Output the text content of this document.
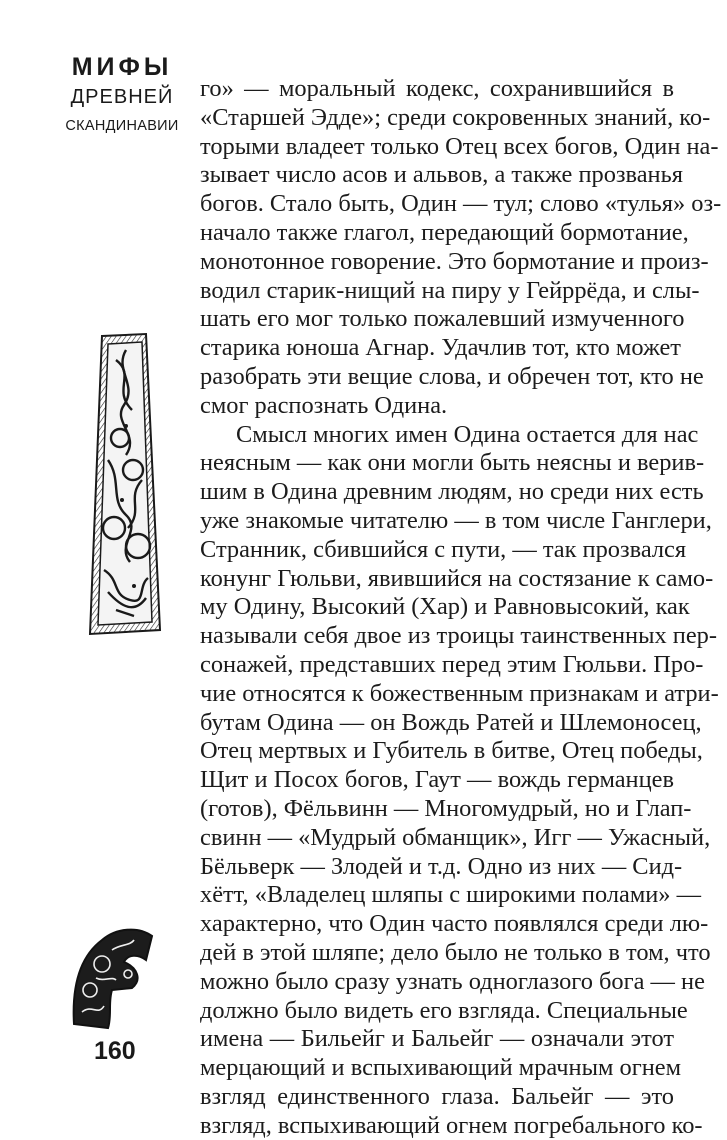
МИФЫ
ДРЕВНЕЙ
СКАНДИНАВИИ
160
го» — моральный кодекс, сохранившийся в
«Старшей Эдде»; среди сокровенных знаний, ко-
торыми владеет только Отец всех богов, Один на-
зывает число асов и альвов, а также прозванья
богов. Стало быть, Один — тул; слово «тулья» оз-
начало также глагол, передающий бормотание,
монотонное говорение. Это бормотание и произ-
водил старик-нищий на пиру у Гейррёда, и слы-
шать его мог только пожалевший измученного
старика юноша Агнар. Удачлив тот, кто может
разобрать эти вещие слова, и обречен тот, кто не
смог распознать Одина.
Смысл многих имен Одина остается для нас
неясным — как они могли быть неясны и верив-
шим в Одина древним людям, но среди них есть
уже знакомые читателю — в том числе Ганглери,
Странник, сбившийся с пути, — так прозвался
конунг Гюльви, явившийся на состязание к само-
му Одину, Высокий (Хар) и Равновысокий, как
называли себя двое из троицы таинственных пер-
сонажей, представших перед этим Гюльви. Про-
чие относятся к божественным признакам и атри-
бутам Одина — он Вождь Ратей и Шлемоносец,
Отец мертвых и Губитель в битве, Отец победы,
Щит и Посох богов, Гаут — вождь германцев
(готов), Фёльвинн — Многомудрый, но и Глап-
свинн — «Мудрый обманщик», Игг — Ужасный,
Бёльверк — Злодей и т.д. Одно из них — Сид-
хётт, «Владелец шляпы с широкими полами» —
характерно, что Один часто появлялся среди лю-
дей в этой шляпе; дело было не только в том, что
можно было сразу узнать одноглазого бога — не
должно было видеть его взгляда. Специальные
имена — Бильейг и Бальейг — означали этот
мерцающий и вспыхивающий мрачным огнем
взгляд единственного глаза. Бальейг — это
взгляд, вспыхивающий огнем погребального ко-
